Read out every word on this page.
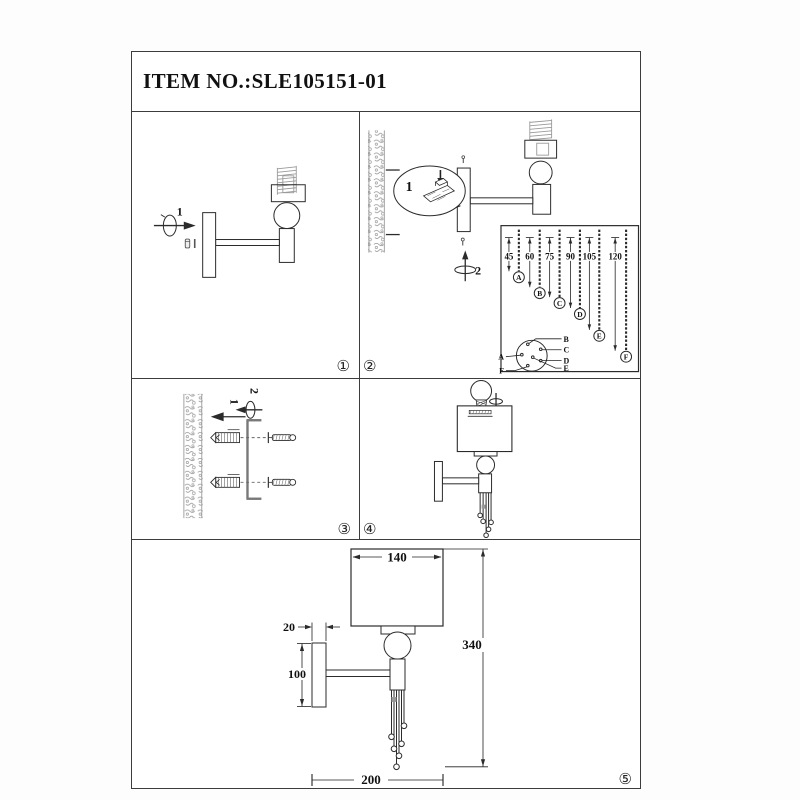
ITEM NO.:SLE105151-01
1
①
1
2
45
A
60
B
75
C
90
D
105
E
120
F
B
C
D
E
A
F
②
1
2
③ ④
140
20
100
340
200	⑤
